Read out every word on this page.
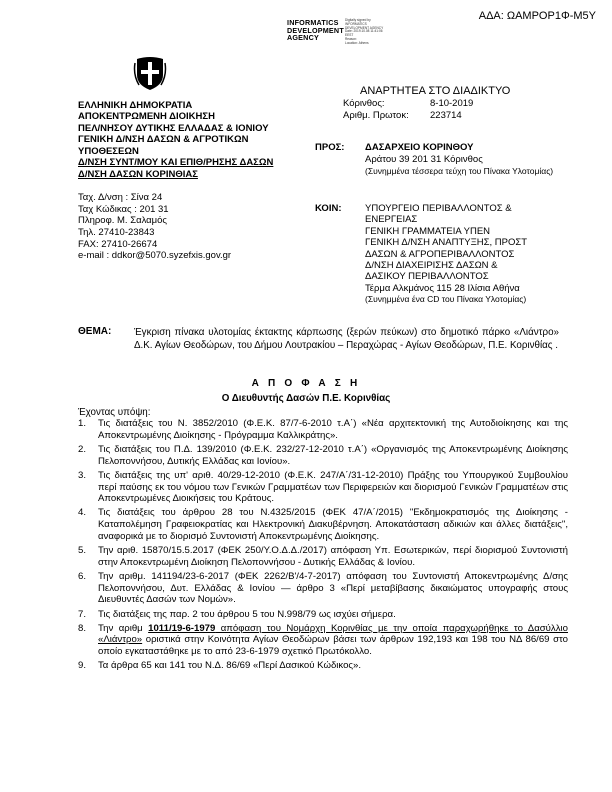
ΑΔΑ: ΩΑΜΡΟΡ1Φ-Μ5Υ
INFORMATICS
DEVELOPMENT
AGENCY
Digitally signed by
INFORMATICS
DEVELOPMENT AGENCY
Date: 2019.10.08 11:41:06
EEST
Reason:
Location: Athens
ΕΛΛΗΝΙΚΗ ΔΗΜΟΚΡΑΤΙΑ
ΑΠΟΚΕΝΤΡΩΜΕΝΗ ΔΙΟΙΚΗΣΗ
ΠΕΛ/ΝΗΣΟΥ ΔΥΤΙΚΗΣ ΕΛΛΑΔΑΣ & ΙΟΝΙΟΥ
ΓΕΝΙΚΗ Δ/ΝΣΗ ΔΑΣΩΝ & ΑΓΡΟΤΙΚΩΝ
ΥΠΟΘΕΣΕΩΝ
Δ/ΝΣΗ ΣΥΝΤ/ΜΟΥ ΚΑΙ ΕΠΙΘ/ΡΗΣΗΣ ΔΑΣΩΝ
Δ/ΝΣΗ ΔΑΣΩΝ ΚΟΡΙΝΘΙΑΣ
Ταχ. Δ/νση : Σίνα 24
Ταχ Κώδικας : 201 31
Πληροφ. Μ. Σαλαμός
Τηλ. 27410-23843
FAX: 27410-26674
e-mail : ddkor@5070.syzefxis.gov.gr
ΑΝΑΡΤΗΤΕΑ ΣΤΟ ΔΙΑΔΙΚΤΥΟ
Κόρινθος:	8-10-2019
Αριθμ. Πρωτοκ: 223714
ΠΡΟΣ: ΔΑΣΑΡΧΕΙΟ ΚΟΡΙΝΘΟΥ
Αράτου 39 201 31 Κόρινθος
(Συνημμένα τέσσερα τεύχη του Πίνακα Υλοτομίας)
ΚΟΙΝ: ΥΠΟΥΡΓΕΙΟ ΠΕΡΙΒΑΛΛΟΝΤΟΣ &
ΕΝΕΡΓΕΙΑΣ
ΓΕΝΙΚΗ ΓΡΑΜΜΑΤΕΙΑ ΥΠΕΝ
ΓΕΝΙΚΗ Δ/ΝΣΗ ΑΝΑΠΤΥΞΗΣ, ΠΡΟΣΤ
ΔΑΣΩΝ & ΑΓΡΟΠΕΡΙΒΑΛΛΟΝΤΟΣ
Δ/ΝΣΗ ΔΙΑΧΕΙΡΙΣΗΣ ΔΑΣΩΝ &
ΔΑΣΙΚΟΥ ΠΕΡΙΒΑΛΛΟΝΤΟΣ
Τέρμα Αλκμάνος 115 28 Ιλίσια Αθήνα
(Συνημμένα ένα CD του Πίνακα Υλοτομίας)
ΘΕΜΑ: Έγκριση πίνακα υλοτομίας έκτακτης κάρπωσης (ξερών πεύκων) στο δημοτικό πάρκο «Λιάντρο» Δ.Κ. Αγίων Θεοδώρων, του Δήμου Λουτρακίου – Περαχώρας - Αγίων Θεοδώρων, Π.Ε. Κορινθίας .
Α Π Ο Φ Α Σ Η
Ο Διευθυντής Δασών Π.Ε. Κορινθίας
Έχοντας υπόψη:
1. Τις διατάξεις του Ν. 3852/2010 (Φ.Ε.Κ. 87/7-6-2010 τ.Α΄) «Νέα αρχιτεκτονική της Αυτοδιοίκησης και της Αποκεντρωμένης Διοίκησης - Πρόγραμμα Καλλικράτης».
2. Τις διατάξεις του Π.Δ. 139/2010 (Φ.Ε.Κ. 232/27-12-2010 τ.Α΄) «Οργανισμός της Αποκεντρωμένης Διοίκησης Πελοποννήσου, Δυτικής Ελλάδας και Ιονίου».
3. Τις διατάξεις της υπ' αριθ. 40/29-12-2010 (Φ.Ε.Κ. 247/Α΄/31-12-2010) Πράξης του Υπουργικού Συμβουλίου περί παύσης εκ του νόμου των Γενικών Γραμματέων των Περιφερειών και διορισμού Γενικών Γραμματέων στις Αποκεντρωμένες Διοικήσεις του Κράτους.
4. Τις διατάξεις του άρθρου 28 του Ν.4325/2015 (ΦΕΚ 47/Α΄/2015) "Εκδημοκρατισμός της Διοίκησης - Καταπολέμηση Γραφειοκρατίας και Ηλεκτρονική Διακυβέρνηση. Αποκατάσταση αδικιών και άλλες διατάξεις", αναφορικά με το διορισμό Συντονιστή Αποκεντρωμένης Διοίκησης.
5. Την αριθ. 15870/15.5.2017 (ΦΕΚ 250/Υ.Ο.Δ.Δ./2017) απόφαση Υπ. Εσωτερικών, περί διορισμού Συντονιστή στην Αποκεντρωμένη Διοίκηση Πελοποννήσου - Δυτικής Ελλάδας & Ιονίου.
6. Την αριθμ. 141194/23-6-2017 (ΦΕΚ 2262/Β'/4-7-2017) απόφαση του Συντονιστή Αποκεντρωμένης Δ/σης Πελοποννήσου, Δυτ. Ελλάδας & Ιονίου — άρθρο 3 «Περί μεταβίβασης δικαιώματος υπογραφής στους Διευθυντές Δασών των Νομών».
7. Τις διατάξεις της παρ. 2 του άρθρου 5 του Ν.998/79 ως ισχύει σήμερα.
8. Την αριθμ 1011/19-6-1979 απόφαση του Νομάρχη Κορινθίας με την οποία παραχωρήθηκε το Δασύλλιο «Λιάντρο» οριστικά στην Κοινότητα Αγίων Θεοδώρων βάσει των άρθρων 192,193 και 198 του ΝΔ 86/69 στο οποίο εγκαταστάθηκε με το από 23-6-1979 σχετικό Πρωτόκολλο.
9. Τα άρθρα 65 και 141 του Ν.Δ. 86/69 «Περί Δασικού Κώδικος».
